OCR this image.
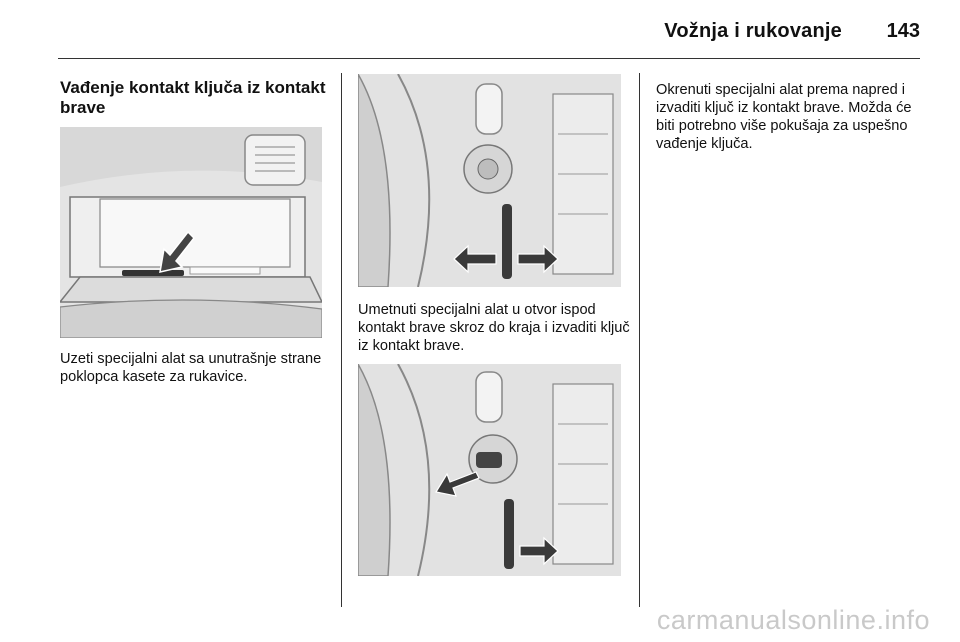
Vožnja i rukovanje 143
Vađenje kontakt ključa iz kontakt brave
Uzeti specijalni alat sa unutrašnje strane poklopca kasete za rukavice.
Umetnuti specijalni alat u otvor ispod kontakt brave skroz do kraja i izvaditi ključ iz kontakt brave.
Okrenuti specijalni alat prema napred i izvaditi ključ iz kontakt brave. Možda će biti potrebno više pokušaja za uspešno vađenje ključa.
carmanualsonline.info
